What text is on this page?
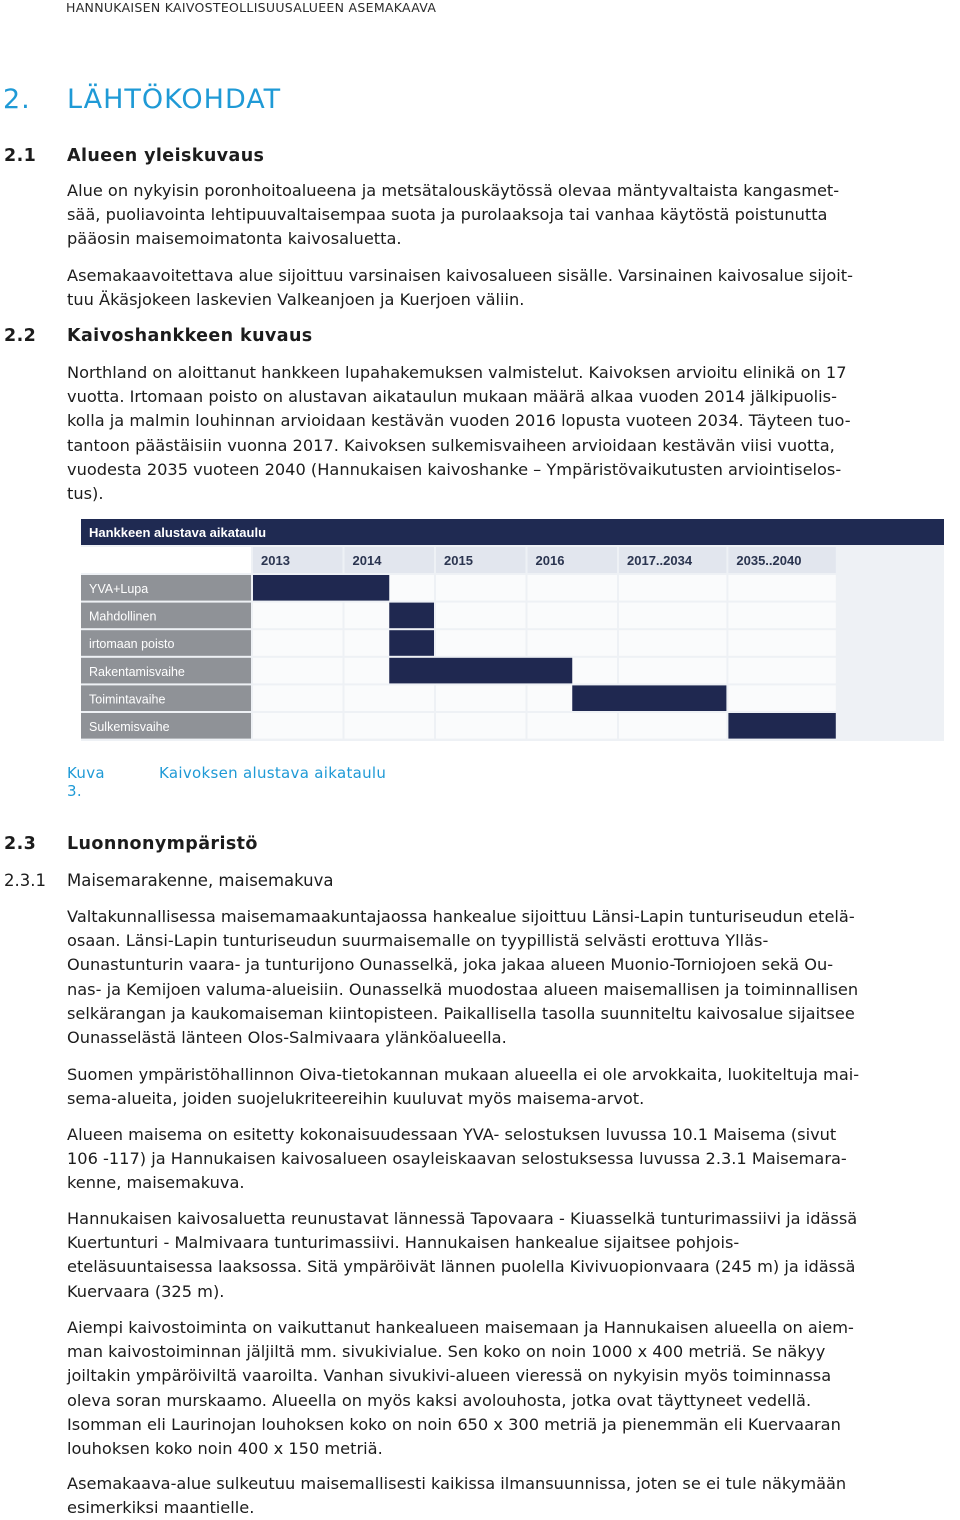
HANNUKAISEN KAIVOSTEOLLISUUSALUEEN ASEMAKAAVA
2. LÄHTÖKOHDAT
2.1 Alueen yleiskuvaus
Alue on nykyisin poronhoitoalueena ja metsätalouskäytössä olevaa mäntyvaltaista kangasmet-
sää, puoliavointa lehtipuuvaltaisempaa suota ja purolaaksoja tai vanhaa käytöstä poistunutta
pääosin maisemoimatonta kaivosaluetta.
Asemakaavoitettava alue sijoittuu varsinaisen kaivosalueen sisälle. Varsinainen kaivosalue sijoit-
tuu Äkäsjokeen laskevien Valkeanjoen ja Kuerjoen väliin.
2.2 Kaivoshankkeen kuvaus
Northland on aloittanut hankkeen lupahakemuksen valmistelut. Kaivoksen arvioitu elinikä on 17
vuotta. Irtomaan poisto on alustavan aikataulun mukaan määrä alkaa vuoden 2014 jälkipuolis-
kolla ja malmin louhinnan arvioidaan kestävän vuoden 2016 lopusta vuoteen 2034. Täyteen tuo-
tantoon päästäisiin vuonna 2017. Kaivoksen sulkemisvaiheen arvioidaan kestävän viisi vuotta,
vuodesta 2035 vuoteen 2040 (Hannukaisen kaivoshanke – Ympäristövaikutusten arviointiselos-
tus).
Hankkeen alustava aikataulu
2013	2014	2015	2016	2017..2034	2035..2040
YVA+Lupa
Mahdollinen
irtomaan poisto
Rakentamisvaihe
Toimintavaihe
Sulkemisvaihe
Kuva 3.
Kaivoksen alustava aikataulu
2.3 Luonnonympäristö
2.3.1 Maisemarakenne, maisemakuva
Valtakunnallisessa maisemamaakuntajaossa hankealue sijoittuu Länsi-Lapin tunturiseudun etelä-
osaan. Länsi-Lapin tunturiseudun suurmaisemalle on tyypillistä selvästi erottuva Ylläs-
Ounastunturin vaara- ja tunturijono Ounasselkä, joka jakaa alueen Muonio-Torniojoen sekä Ou-
nas- ja Kemijoen valuma-alueisiin. Ounasselkä muodostaa alueen maisemallisen ja toiminnallisen
selkärangan ja kaukomaiseman kiintopisteen. Paikallisella tasolla suunniteltu kaivosalue sijaitsee
Ounasselästä länteen Olos-Salmivaara ylänköalueella.
Suomen ympäristöhallinnon Oiva-tietokannan mukaan alueella ei ole arvokkaita, luokiteltuja mai-
sema-alueita, joiden suojelukriteereihin kuuluvat myös maisema-arvot.
Alueen maisema on esitetty kokonaisuudessaan YVA- selostuksen luvussa 10.1 Maisema (sivut
106 -117) ja Hannukaisen kaivosalueen osayleiskaavan selostuksessa luvussa 2.3.1 Maisemara-
kenne, maisemakuva.
Hannukaisen kaivosaluetta reunustavat lännessä Tapovaara - Kiuasselkä tunturimassiivi ja idässä
Kuertunturi - Malmivaara tunturimassiivi. Hannukaisen hankealue sijaitsee pohjois-
eteläsuuntaisessa laaksossa. Sitä ympäröivät lännen puolella Kivivuopionvaara (245 m) ja idässä
Kuervaara (325 m).
Aiempi kaivostoiminta on vaikuttanut hankealueen maisemaan ja Hannukaisen alueella on aiem-
man kaivostoiminnan jäljiltä mm. sivukivialue. Sen koko on noin 1000 x 400 metriä. Se näkyy
joiltakin ympäröiviltä vaaroilta. Vanhan sivukivi-alueen vieressä on nykyisin myös toiminnassa
oleva soran murskaamo. Alueella on myös kaksi avolouhosta, jotka ovat täyttyneet vedellä.
Isomman eli Laurinojan louhoksen koko on noin 650 x 300 metriä ja pienemmän eli Kuervaaran
louhoksen koko noin 400 x 150 metriä.
Asemakaava-alue sulkeutuu maisemallisesti kaikissa ilmansuunnissa, joten se ei tule näkymään
esimerkiksi maantielle.
